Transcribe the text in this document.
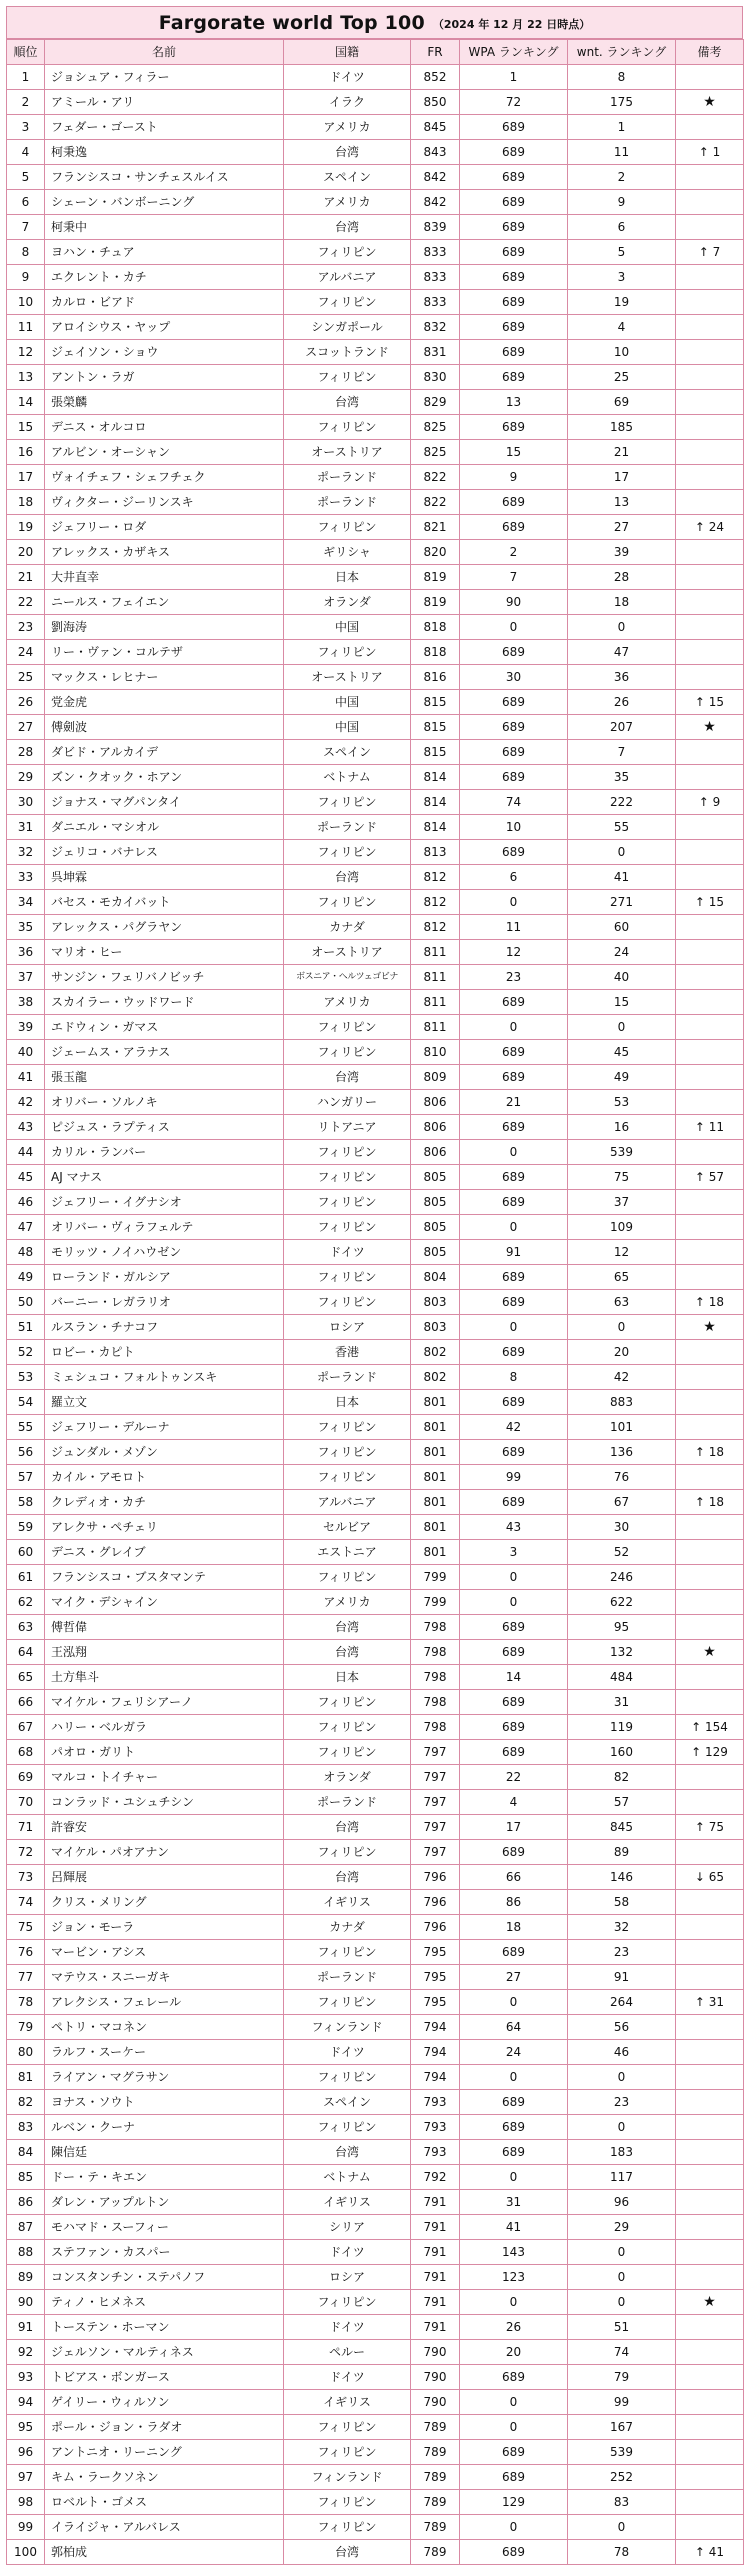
Fargorate world Top 100 （2024 年 12 月 22 日時点）
順位	名前	国籍	FR	WPA ランキング	wnt. ランキング	備考
1	ジョシュア・フィラー	ドイツ	852	1	8	
2	アミール・アリ	イラク	850	72	175	★
3	フェダー・ゴースト	アメリカ	845	689	1	
4	柯秉逸	台湾	843	689	11	↑ 1
5	フランシスコ・サンチェスルイス	スペイン	842	689	2	
6	シェーン・バンボーニング	アメリカ	842	689	9	
7	柯秉中	台湾	839	689	6	
8	ヨハン・チュア	フィリピン	833	689	5	↑ 7
9	エクレント・カチ	アルバニア	833	689	3	
10	カルロ・ビアド	フィリピン	833	689	19	
11	アロイシウス・ヤップ	シンガポール	832	689	4	
12	ジェイソン・ショウ	スコットランド	831	689	10	
13	アントン・ラガ	フィリピン	830	689	25	
14	張榮麟	台湾	829	13	69	
15	デニス・オルコロ	フィリピン	825	689	185	
16	アルビン・オーシャン	オーストリア	825	15	21	
17	ヴォイチェフ・シェフチェク	ポーランド	822	9	17	
18	ヴィクター・ジーリンスキ	ポーランド	822	689	13	
19	ジェフリー・ロダ	フィリピン	821	689	27	↑ 24
20	アレックス・カザキス	ギリシャ	820	2	39	
21	大井直幸	日本	819	7	28	
22	ニールス・フェイエン	オランダ	819	90	18	
23	劉海涛	中国	818	0	0	
24	リー・ヴァン・コルテザ	フィリピン	818	689	47	
25	マックス・レヒナー	オーストリア	816	30	36	
26	党金虎	中国	815	689	26	↑ 15
27	傅劍波	中国	815	689	207	★
28	ダビド・アルカイデ	スペイン	815	689	7	
29	ズン・クオック・ホアン	ベトナム	814	689	35	
30	ジョナス・マグパンタイ	フィリピン	814	74	222	↑ 9
31	ダニエル・マシオル	ポーランド	814	10	55	
32	ジェリコ・バナレス	フィリピン	813	689	0	
33	呉坤霖	台湾	812	6	41	
34	バセス・モカイバット	フィリピン	812	0	271	↑ 15
35	アレックス・パグラヤン	カナダ	812	11	60	
36	マリオ・ヒー	オーストリア	811	12	24	
37	サンジン・フェリバノビッチ	ボスニア・ヘルツェゴビナ	811	23	40	
38	スカイラー・ウッドワード	アメリカ	811	689	15	
39	エドウィン・ガマス	フィリピン	811	0	0	
40	ジェームス・アラナス	フィリピン	810	689	45	
41	張玉龍	台湾	809	689	49	
42	オリバー・ソルノキ	ハンガリー	806	21	53	
43	ピジュス・ラプティス	リトアニア	806	689	16	↑ 11
44	カリル・ランバー	フィリピン	806	0	539	
45	AJ マナス	フィリピン	805	689	75	↑ 57
46	ジェフリー・イグナシオ	フィリピン	805	689	37	
47	オリバー・ヴィラフェルテ	フィリピン	805	0	109	
48	モリッツ・ノイハウゼン	ドイツ	805	91	12	
49	ローランド・ガルシア	フィリピン	804	689	65	
50	バーニー・レガラリオ	フィリピン	803	689	63	↑ 18
51	ルスラン・チナコフ	ロシア	803	0	0	★
52	ロビー・カピト	香港	802	689	20	
53	ミェシュコ・フォルトゥンスキ	ポーランド	802	8	42	
54	羅立文	日本	801	689	883	
55	ジェフリー・デルーナ	フィリピン	801	42	101	
56	ジュンダル・メゾン	フィリピン	801	689	136	↑ 18
57	カイル・アモロト	フィリピン	801	99	76	
58	クレディオ・カチ	アルバニア	801	689	67	↑ 18
59	アレクサ・ペチェリ	セルビア	801	43	30	
60	デニス・グレイブ	エストニア	801	3	52	
61	フランシスコ・ブスタマンテ	フィリピン	799	0	246	
62	マイク・デシャイン	アメリカ	799	0	622	
63	傅哲偉	台湾	798	689	95	
64	王泓翔	台湾	798	689	132	★
65	土方隼斗	日本	798	14	484	
66	マイケル・フェリシアーノ	フィリピン	798	689	31	
67	ハリー・ベルガラ	フィリピン	798	689	119	↑ 154
68	パオロ・ガリト	フィリピン	797	689	160	↑ 129
69	マルコ・トイチャー	オランダ	797	22	82	
70	コンラッド・ユシュチシン	ポーランド	797	4	57	
71	許睿安	台湾	797	17	845	↑ 75
72	マイケル・パオアナン	フィリピン	797	689	89	
73	呂輝展	台湾	796	66	146	↓ 65
74	クリス・メリング	イギリス	796	86	58	
75	ジョン・モーラ	カナダ	796	18	32	
76	マービン・アシス	フィリピン	795	689	23	
77	マテウス・スニーガキ	ポーランド	795	27	91	
78	アレクシス・フェレール	フィリピン	795	0	264	↑ 31
79	ペトリ・マコネン	フィンランド	794	64	56	
80	ラルフ・スーケー	ドイツ	794	24	46	
81	ライアン・マグラサン	フィリピン	794	0	0	
82	ヨナス・ソウト	スペイン	793	689	23	
83	ルベン・クーナ	フィリピン	793	689	0	
84	陳信廷	台湾	793	689	183	
85	ドー・テ・キエン	ベトナム	792	0	117	
86	ダレン・アップルトン	イギリス	791	31	96	
87	モハマド・スーフィー	シリア	791	41	29	
88	ステファン・カスパー	ドイツ	791	143	0	
89	コンスタンチン・ステパノフ	ロシア	791	123	0	
90	ティノ・ヒメネス	フィリピン	791	0	0	★
91	トーステン・ホーマン	ドイツ	791	26	51	
92	ジェルソン・マルティネス	ペルー	790	20	74	
93	トビアス・ボンガース	ドイツ	790	689	79	
94	ゲイリー・ウィルソン	イギリス	790	0	99	
95	ポール・ジョン・ラダオ	フィリピン	789	0	167	
96	アントニオ・リーニング	フィリピン	789	689	539	
97	キム・ラークソネン	フィンランド	789	689	252	
98	ロベルト・ゴメス	フィリピン	789	129	83	
99	イライジャ・アルバレス	フィリピン	789	0	0	
100	郭柏成	台湾	789	689	78	↑ 41
